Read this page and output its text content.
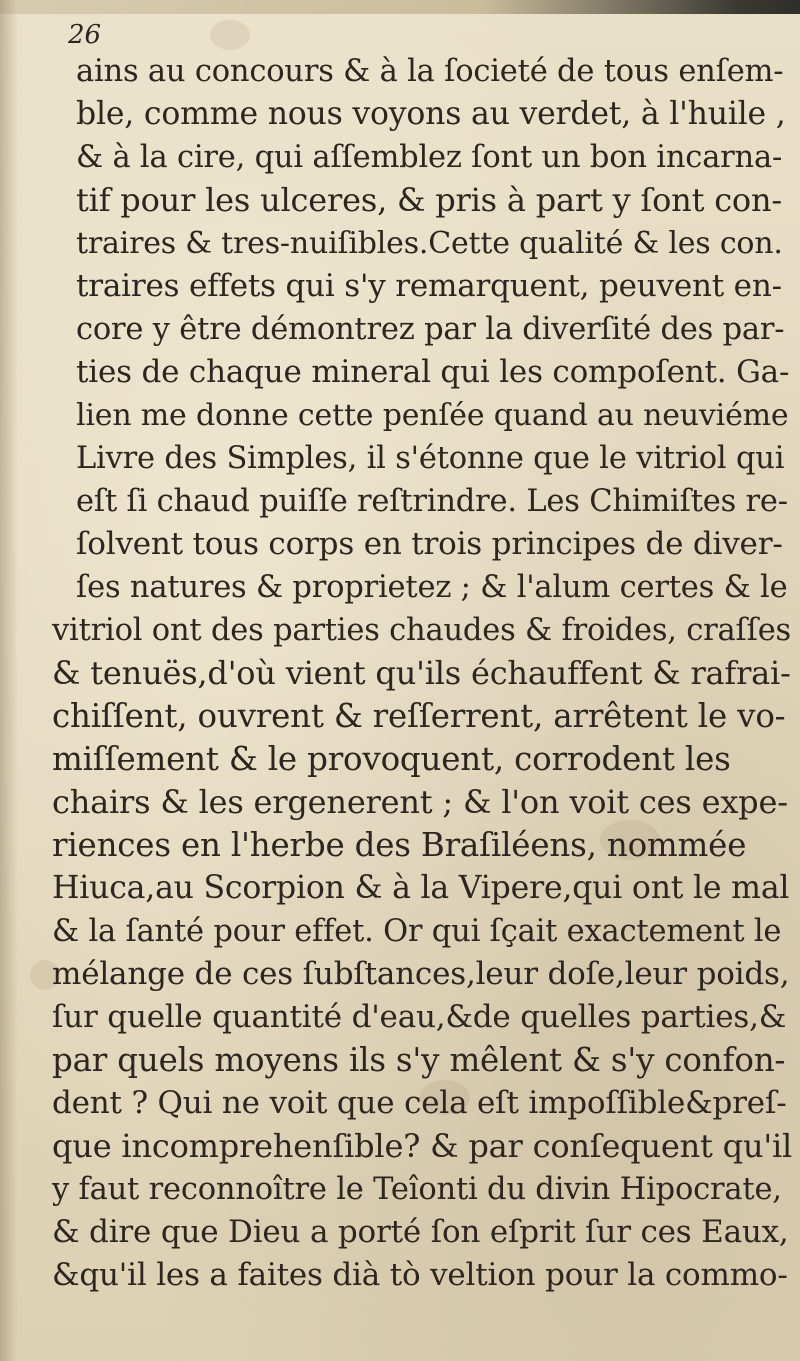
26
ains au concours & à la ſocieté de tous enſem-
ble, comme nous voyons au verdet, à l'huile ,
& à la cire, qui aſſemblez ſont un bon incarna-
tif pour les ulceres, & pris à part y ſont con-
traires & tres-nuiſibles.Cette qualité & les con.
traires effets qui s'y remarquent, peuvent en-
core y être démontrez par la diverſité des par-
ties de chaque mineral qui les compoſent. Ga-
lien me donne cette penſée quand au neuviéme
Livre des Simples, il s'étonne que le vitriol qui
eſt ſi chaud puiſſe reſtrindre. Les Chimiſtes re-
ſolvent tous corps en trois principes de diver-
ſes natures & proprietez ; & l'alum certes & le
vitriol ont des parties chaudes & froides, craſſes
& tenuës,d'où vient qu'ils échauffent & rafrai-
chiſſent, ouvrent & reſſerrent, arrêtent le vo-
miſſement & le provoquent, corrodent les
chairs & les ergenerent ; & l'on voit ces expe-
riences en l'herbe des Braſiléens, nommée
Hiuca,au Scorpion & à la Vipere,qui ont le mal
& la ſanté pour effet. Or qui ſçait exactement le
mélange de ces ſubſtances,leur doſe,leur poids,
ſur quelle quantité d'eau,&de quelles parties,&
par quels moyens ils s'y mêlent & s'y confon-
dent ? Qui ne voit que cela eſt impoſſible&preſ-
que incomprehenſible? & par conſequent qu'il
y faut reconnoître le Teîonti du divin Hipocrate,
& dire que Dieu a porté ſon eſprit ſur ces Eaux,
&qu'il les a faites dià tò veltion pour la commo-
